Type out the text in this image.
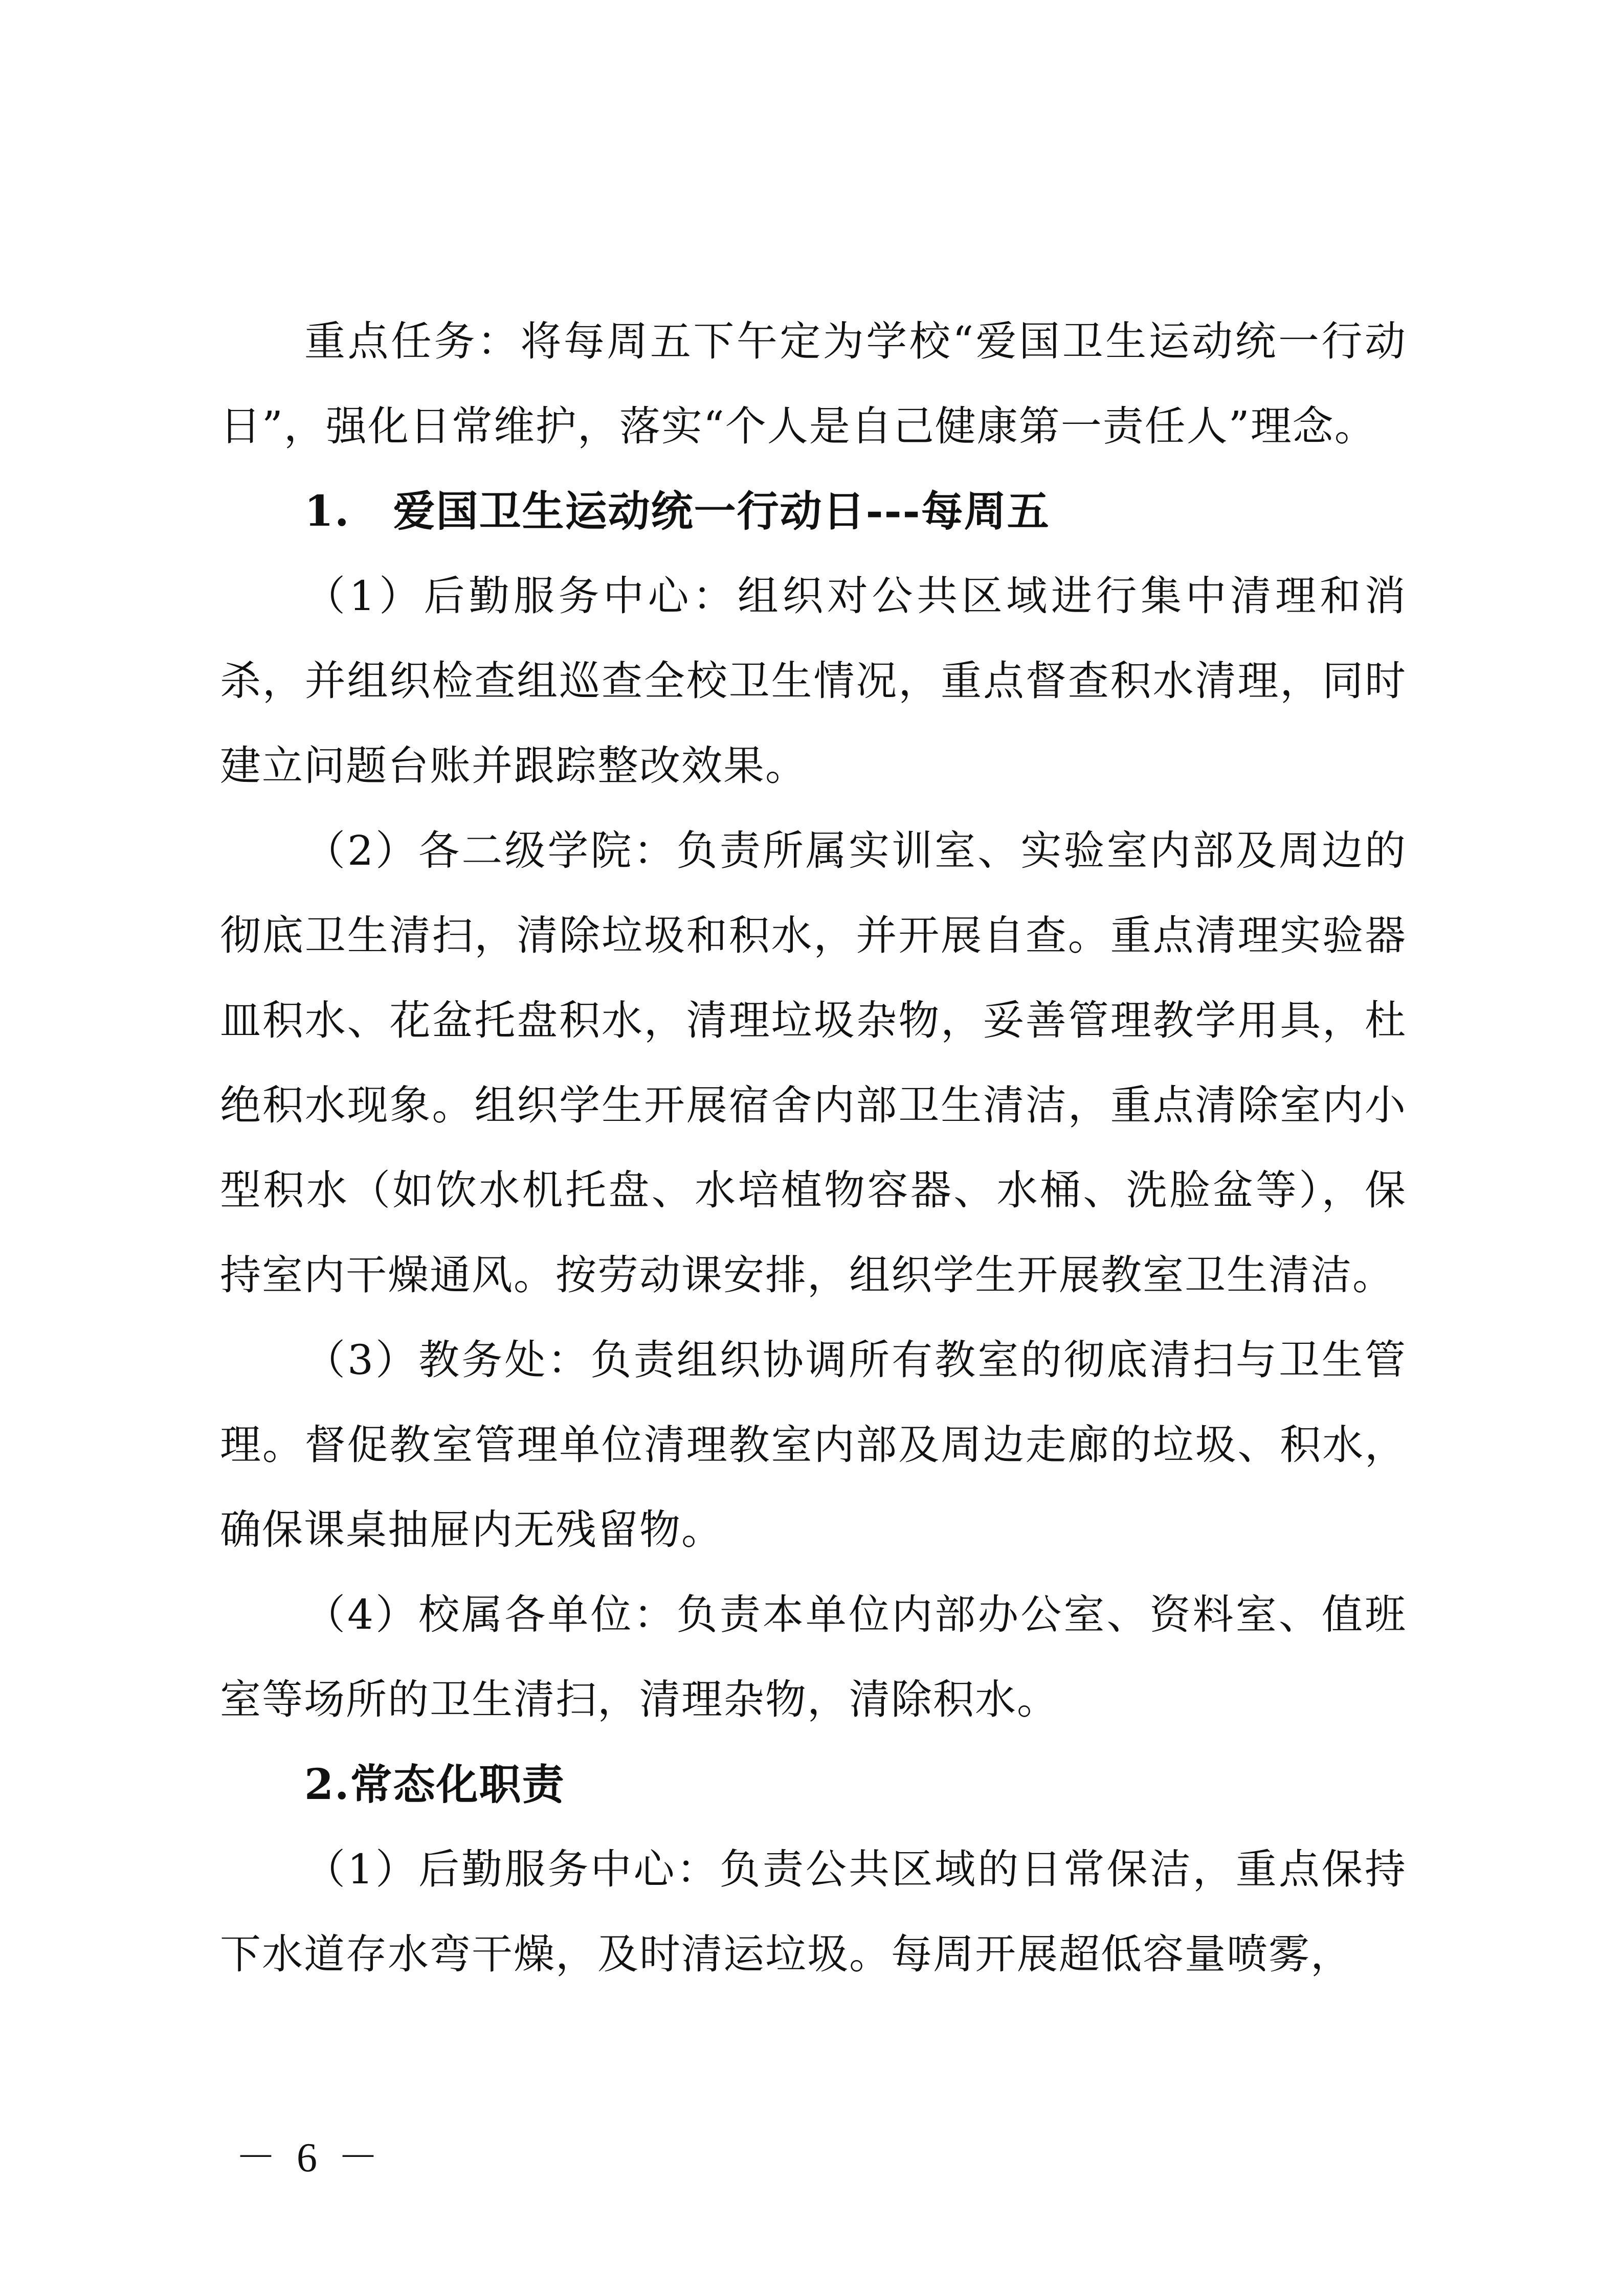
重点任务：将每周五下午定为学校“爱国卫生运动统一行动日”，强化日常维护，落实“个人是自己健康第一责任人”理念。

1.　爱国卫生运动统一行动日---每周五

（1）后勤服务中心：组织对公共区域进行集中清理和消杀，并组织检查组巡查全校卫生情况，重点督查积水清理，同时建立问题台账并跟踪整改效果。

（2）各二级学院：负责所属实训室、实验室内部及周边的彻底卫生清扫，清除垃圾和积水，并开展自查。重点清理实验器皿积水、花盆托盘积水，清理垃圾杂物，妥善管理教学用具，杜绝积水现象。组织学生开展宿舍内部卫生清洁，重点清除室内小型积水（如饮水机托盘、水培植物容器、水桶、洗脸盆等），保持室内干燥通风。按劳动课安排，组织学生开展教室卫生清洁。

（3）教务处：负责组织协调所有教室的彻底清扫与卫生管理。督促教室管理单位清理教室内部及周边走廊的垃圾、积水，确保课桌抽屉内无残留物。

（4）校属各单位：负责本单位内部办公室、资料室、值班室等场所的卫生清扫，清理杂物，清除积水。

2.常态化职责

（1）后勤服务中心：负责公共区域的日常保洁，重点保持下水道存水弯干燥，及时清运垃圾。每周开展超低容量喷雾，

－ 6 －
